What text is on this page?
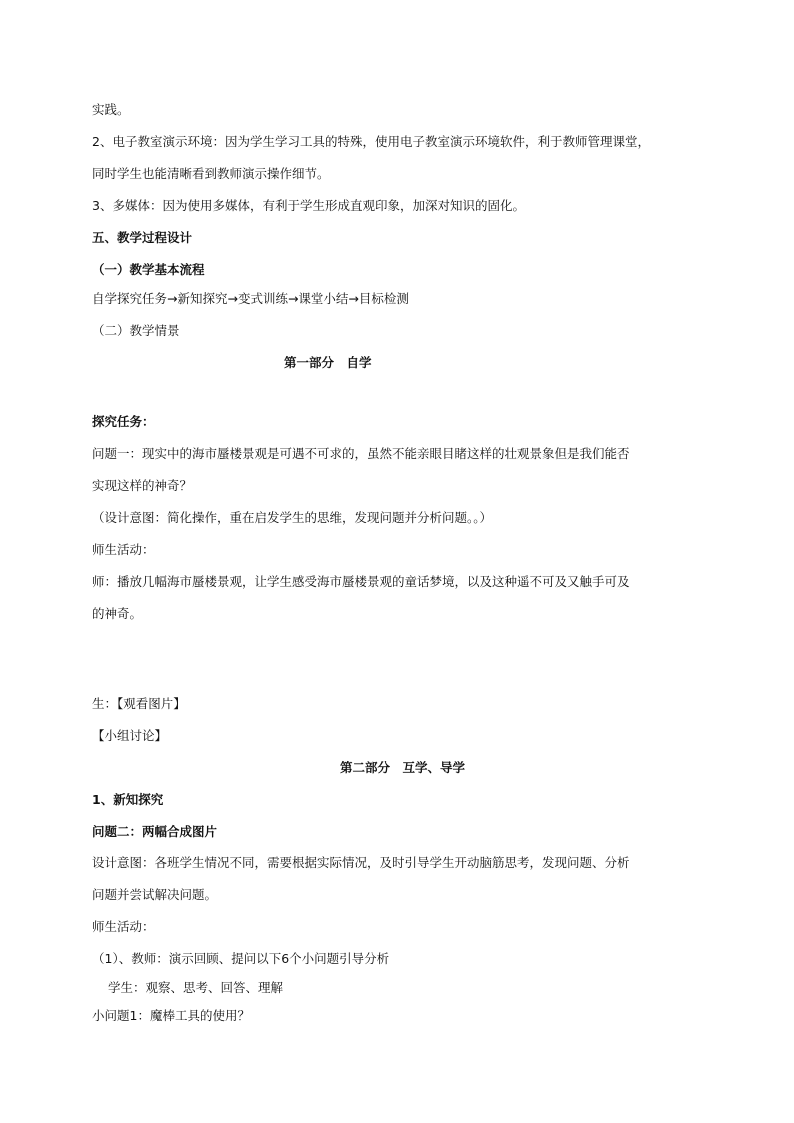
实践。
2、电子教室演示环境：因为学生学习工具的特殊，使用电子教室演示环境软件，利于教师管理课堂，
同时学生也能清晰看到教师演示操作细节。
3、多媒体：因为使用多媒体，有利于学生形成直观印象，加深对知识的固化。
五、教学过程设计
（一）教学基本流程
自学探究任务→新知探究→变式训练→课堂小结→目标检测
（二）教学情景
第一部分　自学
探究任务：
问题一：现实中的海市蜃楼景观是可遇不可求的，虽然不能亲眼目睹这样的壮观景象但是我们能否
实现这样的神奇？
（设计意图：简化操作，重在启发学生的思维，发现问题并分析问题。。）
师生活动：
师：播放几幅海市蜃楼景观，让学生感受海市蜃楼景观的童话梦境，以及这种遥不可及又触手可及
的神奇。
生：【观看图片】
【小组讨论】
第二部分　互学、导学
1、新知探究
问题二：两幅合成图片
设计意图：各班学生情况不同，需要根据实际情况，及时引导学生开动脑筋思考，发现问题、分析
问题并尝试解决问题。
师生活动：
（1）、教师：演示回顾、提问以下6个小问题引导分析
学生：观察、思考、回答、理解
小问题1：魔棒工具的使用？
